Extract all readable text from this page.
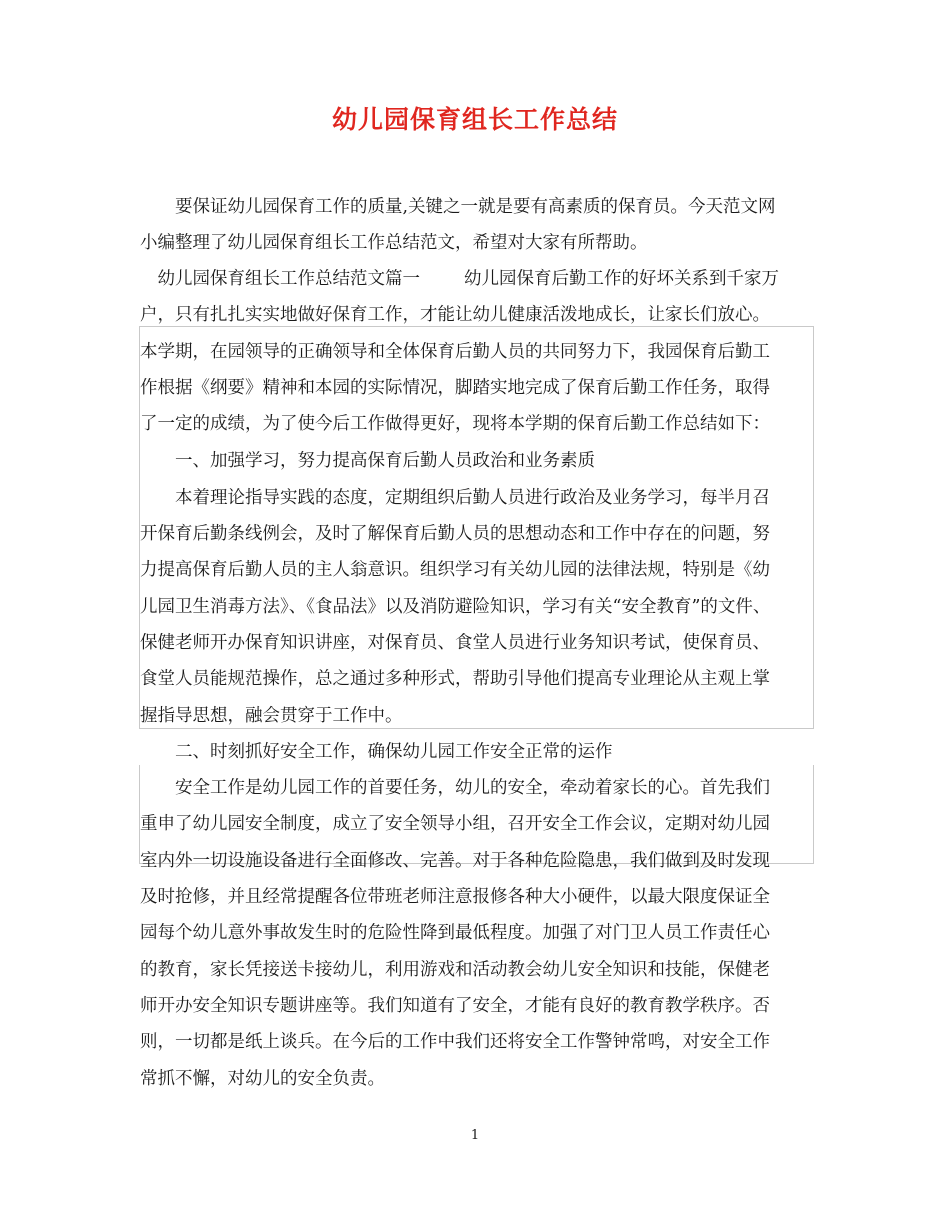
幼儿园保育组长工作总结
　　要保证幼儿园保育工作的质量,关键之一就是要有高素质的保育员。今天范文网
小编整理了幼儿园保育组长工作总结范文，希望对大家有所帮助。
　幼儿园保育组长工作总结范文篇一	幼儿园保育后勤工作的好坏关系到千家万
户，只有扎扎实实地做好保育工作，才能让幼儿健康活泼地成长，让家长们放心。
本学期，在园领导的正确领导和全体保育后勤人员的共同努力下，我园保育后勤工
作根据《纲要》精神和本园的实际情况，脚踏实地完成了保育后勤工作任务，取得
了一定的成绩，为了使今后工作做得更好，现将本学期的保育后勤工作总结如下：
　　一、加强学习，努力提高保育后勤人员政治和业务素质
　　本着理论指导实践的态度，定期组织后勤人员进行政治及业务学习，每半月召
开保育后勤条线例会，及时了解保育后勤人员的思想动态和工作中存在的问题，努
力提高保育后勤人员的主人翁意识。组织学习有关幼儿园的法律法规，特别是《幼
儿园卫生消毒方法》、《食品法》以及消防避险知识，学习有关“安全教育”的文件、
保健老师开办保育知识讲座，对保育员、食堂人员进行业务知识考试，使保育员、
食堂人员能规范操作，总之通过多种形式，帮助引导他们提高专业理论从主观上掌
握指导思想，融会贯穿于工作中。
　　二、时刻抓好安全工作，确保幼儿园工作安全正常的运作
　　安全工作是幼儿园工作的首要任务，幼儿的安全，牵动着家长的心。首先我们
重申了幼儿园安全制度，成立了安全领导小组，召开安全工作会议，定期对幼儿园
室内外一切设施设备进行全面修改、完善。对于各种危险隐患，我们做到及时发现
及时抢修，并且经常提醒各位带班老师注意报修各种大小硬件，以最大限度保证全
园每个幼儿意外事故发生时的危险性降到最低程度。加强了对门卫人员工作责任心
的教育，家长凭接送卡接幼儿，利用游戏和活动教会幼儿安全知识和技能，保健老
师开办安全知识专题讲座等。我们知道有了安全，才能有良好的教育教学秩序。否
则，一切都是纸上谈兵。在今后的工作中我们还将安全工作警钟常鸣，对安全工作
常抓不懈，对幼儿的安全负责。
1
